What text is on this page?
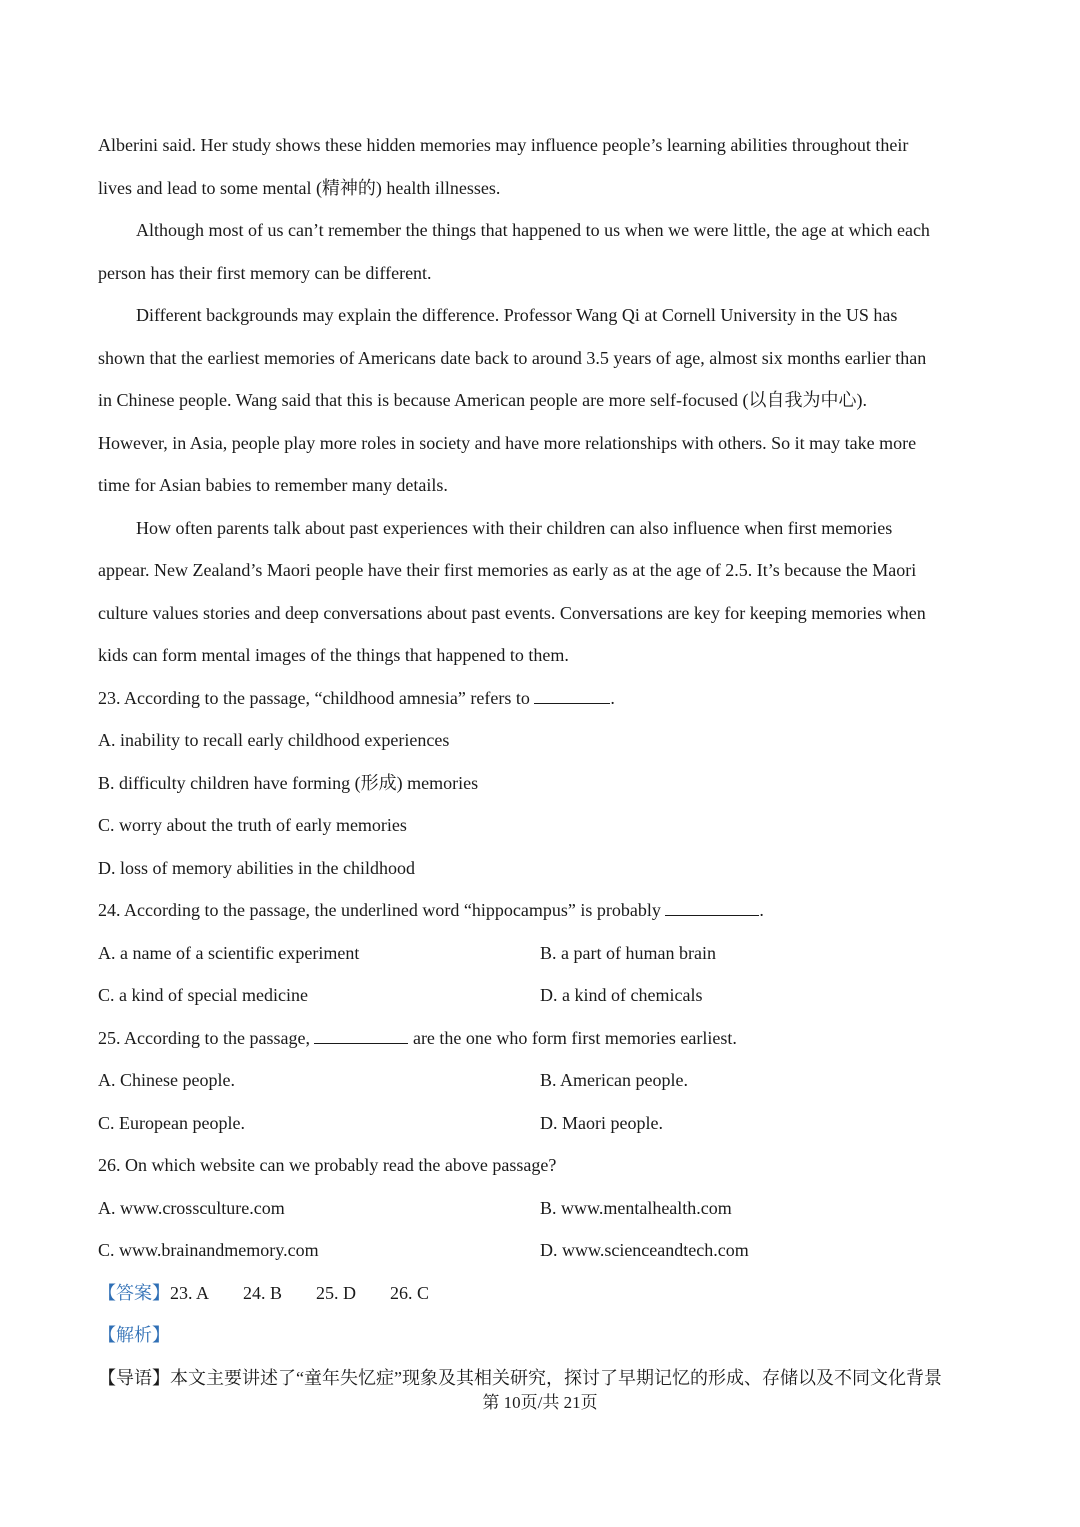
Alberini said. Her study shows these hidden memories may influence people’s learning abilities throughout their
lives and lead to some mental (精神的) health illnesses.
Although most of us can’t remember the things that happened to us when we were little, the age at which each
person has their first memory can be different.
Different backgrounds may explain the difference. Professor Wang Qi at Cornell University in the US has
shown that the earliest memories of Americans date back to around 3.5 years of age, almost six months earlier than
in Chinese people. Wang said that this is because American people are more self-focused (以自我为中心).
However, in Asia, people play more roles in society and have more relationships with others. So it may take more
time for Asian babies to remember many details.
How often parents talk about past experiences with their children can also influence when first memories
appear. New Zealand’s Maori people have their first memories as early as at the age of 2.5. It’s because the Maori
culture values stories and deep conversations about past events. Conversations are key for keeping memories when
kids can form mental images of the things that happened to them.
23. According to the passage, “childhood amnesia” refers to	.
A. inability to recall early childhood experiences
B. difficulty children have forming (形成) memories
C. worry about the truth of early memories
D. loss of memory abilities in the childhood
24. According to the passage, the underlined word “hippocampus” is probably	.
A. a name of a scientific experiment	B. a part of human brain
C. a kind of special medicine	D. a kind of chemicals
25. According to the passage,	are the one who form first memories earliest.
A. Chinese people.	B. American people.
C. European people.	D. Maori people.
26. On which website can we probably read the above passage?
A. www.crossculture.com	B. www.mentalhealth.com
C. www.brainandmemory.com	D. www.scienceandtech.com
【答案】23. A 24. B 25. D 26. C
【解析】
【导语】本文主要讲述了“童年失忆症”现象及其相关研究，探讨了早期记忆的形成、存储以及不同文化背景
第 10页/共 21页
